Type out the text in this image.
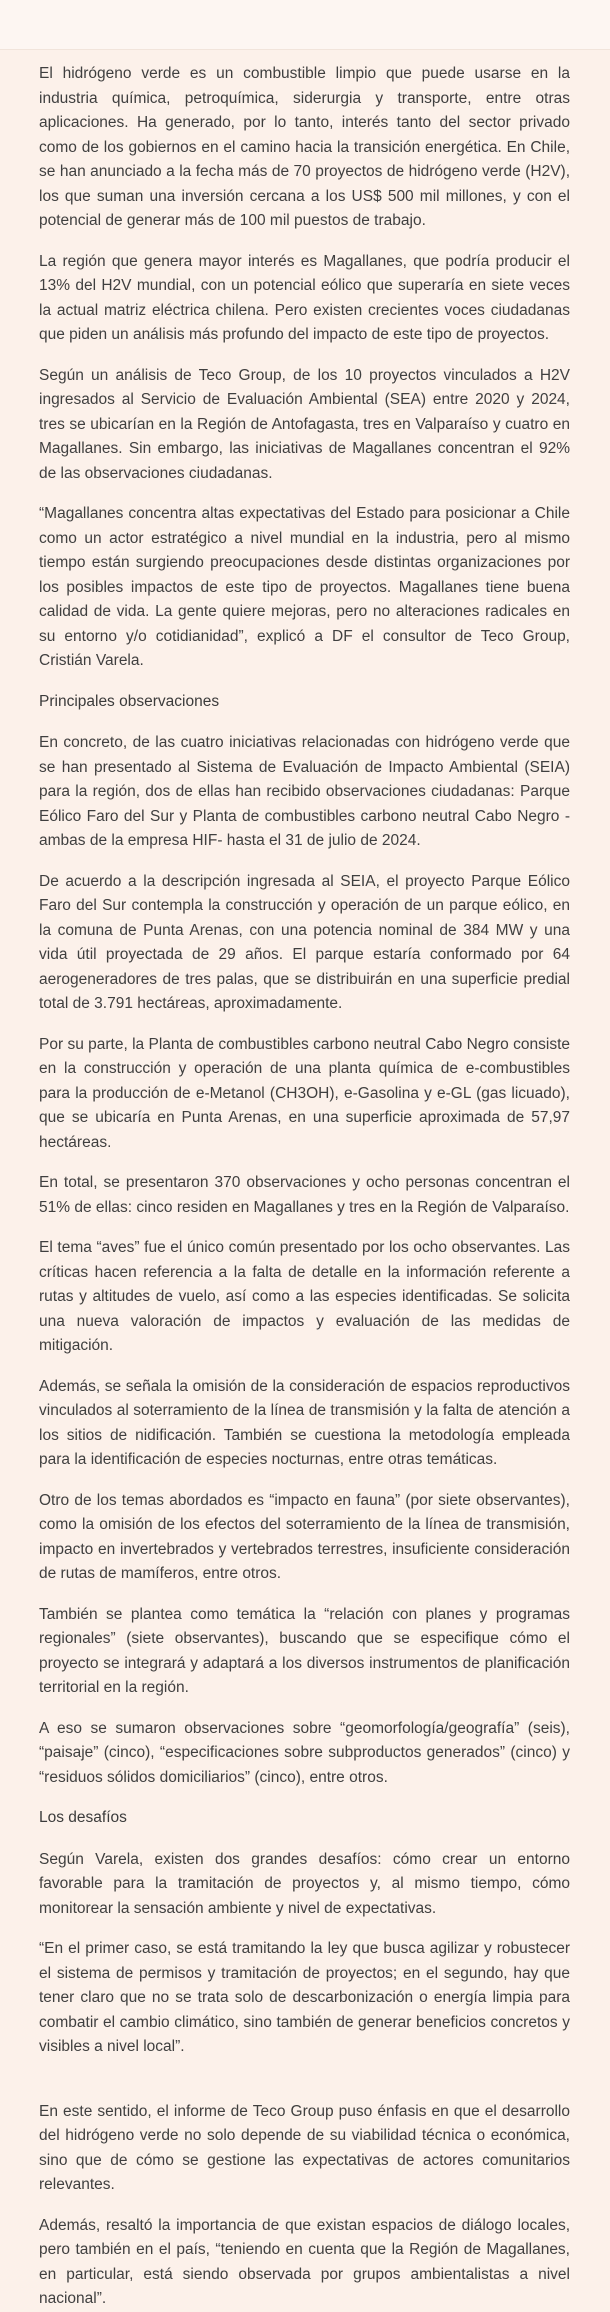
El hidrógeno verde es un combustible limpio que puede usarse en la industria química, petroquímica, siderurgia y transporte, entre otras aplicaciones. Ha generado, por lo tanto, interés tanto del sector privado como de los gobiernos en el camino hacia la transición energética. En Chile, se han anunciado a la fecha más de 70 proyectos de hidrógeno verde (H2V), los que suman una inversión cercana a los US$ 500 mil millones, y con el potencial de generar más de 100 mil puestos de trabajo.

La región que genera mayor interés es Magallanes, que podría producir el 13% del H2V mundial, con un potencial eólico que superaría en siete veces la actual matriz eléctrica chilena. Pero existen crecientes voces ciudadanas que piden un análisis más profundo del impacto de este tipo de proyectos.

Según un análisis de Teco Group, de los 10 proyectos vinculados a H2V ingresados al Servicio de Evaluación Ambiental (SEA) entre 2020 y 2024, tres se ubicarían en la Región de Antofagasta, tres en Valparaíso y cuatro en Magallanes. Sin embargo, las iniciativas de Magallanes concentran el 92% de las observaciones ciudadanas.

“Magallanes concentra altas expectativas del Estado para posicionar a Chile como un actor estratégico a nivel mundial en la industria, pero al mismo tiempo están surgiendo preocupaciones desde distintas organizaciones por los posibles impactos de este tipo de proyectos. Magallanes tiene buena calidad de vida. La gente quiere mejoras, pero no alteraciones radicales en su entorno y/o cotidianidad”, explicó a DF el consultor de Teco Group, Cristián Varela.

Principales observaciones

En concreto, de las cuatro iniciativas relacionadas con hidrógeno verde que se han presentado al Sistema de Evaluación de Impacto Ambiental (SEIA) para la región, dos de ellas han recibido observaciones ciudadanas: Parque Eólico Faro del Sur y Planta de combustibles carbono neutral Cabo Negro -ambas de la empresa HIF- hasta el 31 de julio de 2024.

De acuerdo a la descripción ingresada al SEIA, el proyecto Parque Eólico Faro del Sur contempla la construcción y operación de un parque eólico, en la comuna de Punta Arenas, con una potencia nominal de 384 MW y una vida útil proyectada de 29 años. El parque estaría conformado por 64 aerogeneradores de tres palas, que se distribuirán en una superficie predial total de 3.791 hectáreas, aproximadamente.

Por su parte, la Planta de combustibles carbono neutral Cabo Negro consiste en la construcción y operación de una planta química de e-combustibles para la producción de e-Metanol (CH3OH), e-Gasolina y e-GL (gas licuado), que se ubicaría en Punta Arenas, en una superficie aproximada de 57,97 hectáreas.

En total, se presentaron 370 observaciones y ocho personas concentran el 51% de ellas: cinco residen en Magallanes y tres en la Región de Valparaíso.

El tema “aves” fue el único común presentado por los ocho observantes. Las críticas hacen referencia a la falta de detalle en la información referente a rutas y altitudes de vuelo, así como a las especies identificadas. Se solicita una nueva valoración de impactos y evaluación de las medidas de mitigación.

Además, se señala la omisión de la consideración de espacios reproductivos vinculados al soterramiento de la línea de transmisión y la falta de atención a los sitios de nidificación. También se cuestiona la metodología empleada para la identificación de especies nocturnas, entre otras temáticas.

Otro de los temas abordados es “impacto en fauna” (por siete observantes), como la omisión de los efectos del soterramiento de la línea de transmisión, impacto en invertebrados y vertebrados terrestres, insuficiente consideración de rutas de mamíferos, entre otros.

También se plantea como temática la “relación con planes y programas regionales” (siete observantes), buscando que se especifique cómo el proyecto se integrará y adaptará a los diversos instrumentos de planificación territorial en la región.

A eso se sumaron observaciones sobre “geomorfología/geografía” (seis), “paisaje” (cinco), “especificaciones sobre subproductos generados” (cinco) y “residuos sólidos domiciliarios” (cinco), entre otros.

Los desafíos

Según Varela, existen dos grandes desafíos: cómo crear un entorno favorable para la tramitación de proyectos y, al mismo tiempo, cómo monitorear la sensación ambiente y nivel de expectativas.

“En el primer caso, se está tramitando la ley que busca agilizar y robustecer el sistema de permisos y tramitación de proyectos; en el segundo, hay que tener claro que no se trata solo de descarbonización o energía limpia para combatir el cambio climático, sino también de generar beneficios concretos y visibles a nivel local”.

En este sentido, el informe de Teco Group puso énfasis en que el desarrollo del hidrógeno verde no solo depende de su viabilidad técnica o económica, sino que de cómo se gestione las expectativas de actores comunitarios relevantes.

Además, resaltó la importancia de que existan espacios de diálogo locales, pero también en el país, “teniendo en cuenta que la Región de Magallanes, en particular, está siendo observada por grupos ambientalistas a nivel nacional”.
